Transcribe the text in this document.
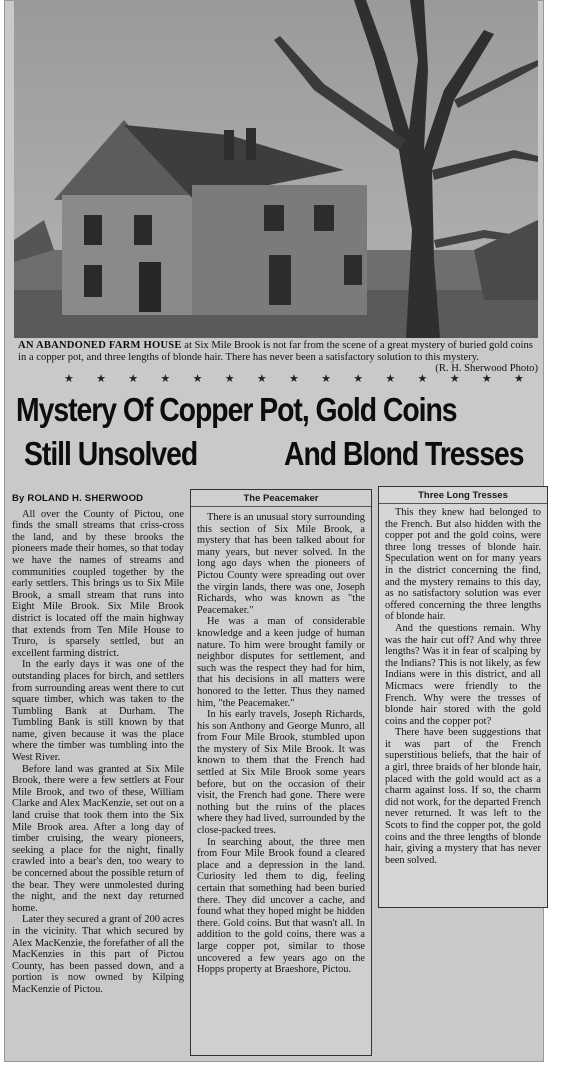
AN ABANDONED FARM HOUSE at Six Mile Brook is not far from the scene of a great mystery of buried gold coins in a copper pot, and three lengths of blonde hair. There has never been a satisfactory solution to this mystery.
(R. H. Sherwood Photo)
★ ★ ★ ★ ★ ★ ★ ★ ★ ★ ★ ★ ★ ★ ★
Mystery Of Copper Pot, Gold Coins
Still Unsolved	And Blond Tresses

By ROLAND H. SHERWOOD

All over the County of Pictou, one finds the small streams that criss-cross the land, and by these brooks the pioneers made their homes, so that today we have the names of streams and communities coupled together by the early settlers. This brings us to Six Mile Brook, a small stream that runs into Eight Mile Brook. Six Mile Brook district is located off the main highway that extends from Ten Mile House to Truro, is sparsely settled, but an excellent farming district.

In the early days it was one of the outstanding places for birch, and settlers from surrounding areas went there to cut square timber, which was taken to the Tumbling Bank at Durham. The Tumbling Bank is still known by that name, given because it was the place where the timber was tumbling into the West River.

Before land was granted at Six Mile Brook, there were a few settlers at Four Mile Brook, and two of these, William Clarke and Alex MacKenzie, set out on a land cruise that took them into the Six Mile Brook area. After a long day of timber cruising, the weary pioneers, seeking a place for the night, finally crawled into a bear's den, too weary to be concerned about the possible return of the bear. They were unmolested during the night, and the next day returned home.

Later they secured a grant of 200 acres in the vicinity. That which secured by Alex MacKenzie, the forefather of all the MacKenzies in this part of Pictou County, has been passed down, and a portion is now owned by Kilping MacKenzie of Pictou.

The Peacemaker

There is an unusual story surrounding this section of Six Mile Brook, a mystery that has been talked about for many years, but never solved. In the long ago days when the pioneers of Pictou County were spreading out over the virgin lands, there was one, Joseph Richards, who was known as "the Peacemaker."

He was a man of considerable knowledge and a keen judge of human nature. To him were brought family or neighbor disputes for settlement, and such was the respect they had for him, that his decisions in all matters were honored to the letter. Thus they named him, "the Peacemaker."

In his early travels, Joseph Richards, his son Anthony and George Munro, all from Four Mile Brook, stumbled upon the mystery of Six Mile Brook. It was known to them that the French had settled at Six Mile Brook some years before, but on the occasion of their visit, the French had gone. There were nothing but the ruins of the places where they had lived, surrounded by the close-packed trees.

In searching about, the three men from Four Mile Brook found a cleared place and a depression in the land. Curiosity led them to dig, feeling certain that something had been buried there. They did uncover a cache, and found what they hoped might be hidden there. Gold coins. But that wasn't all. In addition to the gold coins, there was a large copper pot, similar to those uncovered a few years ago on the Hopps property at Braeshore, Pictou.

Three Long Tresses

This they knew had belonged to the French. But also hidden with the copper pot and the gold coins, were three long tresses of blonde hair. Speculation went on for many years in the district concerning the find, and the mystery remains to this day, as no satisfactory solution was ever offered concerning the three lengths of blonde hair.

And the questions remain. Why was the hair cut off? And why three lengths? Was it in fear of scalping by the Indians? This is not likely, as few Indians were in this district, and all Micmacs were friendly to the French. Why were the tresses of blonde hair stored with the gold coins and the copper pot?

There have been suggestions that it was part of the French superstitious beliefs, that the hair of a girl, three braids of her blonde hair, placed with the gold would act as a charm against loss. If so, the charm did not work, for the departed French never returned. It was left to the Scots to find the copper pot, the gold coins and the three lengths of blonde hair, giving a mystery that has never been solved.
